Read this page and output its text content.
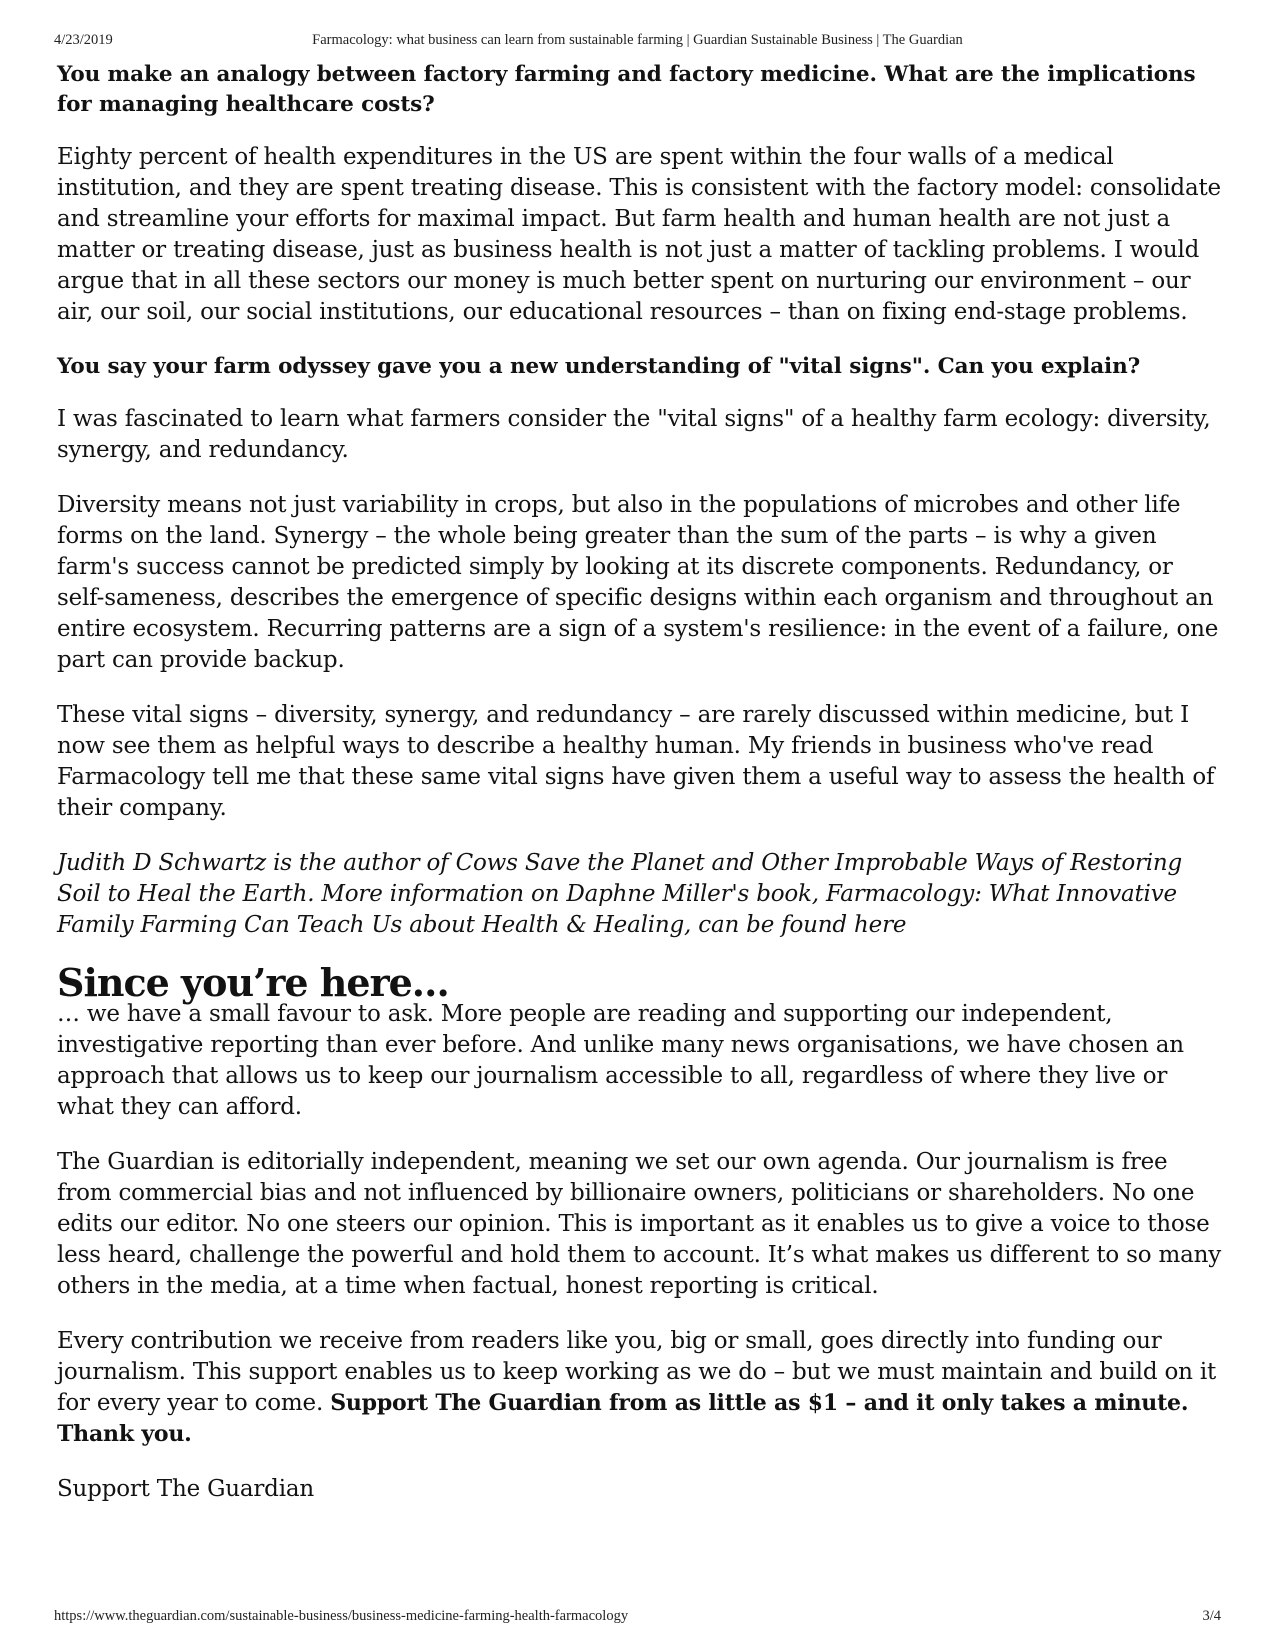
4/23/2019	Farmacology: what business can learn from sustainable farming | Guardian Sustainable Business | The Guardian
You make an analogy between factory farming and factory medicine. What are the implications for managing healthcare costs?
Eighty percent of health expenditures in the US are spent within the four walls of a medical institution, and they are spent treating disease. This is consistent with the factory model: consolidate and streamline your efforts for maximal impact. But farm health and human health are not just a matter or treating disease, just as business health is not just a matter of tackling problems. I would argue that in all these sectors our money is much better spent on nurturing our environment – our air, our soil, our social institutions, our educational resources – than on fixing end-stage problems.
You say your farm odyssey gave you a new understanding of "vital signs". Can you explain?
I was fascinated to learn what farmers consider the "vital signs" of a healthy farm ecology: diversity, synergy, and redundancy.
Diversity means not just variability in crops, but also in the populations of microbes and other life forms on the land. Synergy – the whole being greater than the sum of the parts – is why a given farm's success cannot be predicted simply by looking at its discrete components. Redundancy, or self-sameness, describes the emergence of specific designs within each organism and throughout an entire ecosystem. Recurring patterns are a sign of a system's resilience: in the event of a failure, one part can provide backup.
These vital signs – diversity, synergy, and redundancy – are rarely discussed within medicine, but I now see them as helpful ways to describe a healthy human. My friends in business who've read Farmacology tell me that these same vital signs have given them a useful way to assess the health of their company.
Judith D Schwartz is the author of Cows Save the Planet and Other Improbable Ways of Restoring Soil to Heal the Earth. More information on Daphne Miller's book, Farmacology: What Innovative Family Farming Can Teach Us about Health & Healing, can be found here
Since you’re here…
… we have a small favour to ask. More people are reading and supporting our independent, investigative reporting than ever before. And unlike many news organisations, we have chosen an approach that allows us to keep our journalism accessible to all, regardless of where they live or what they can afford.
The Guardian is editorially independent, meaning we set our own agenda. Our journalism is free from commercial bias and not influenced by billionaire owners, politicians or shareholders. No one edits our editor. No one steers our opinion. This is important as it enables us to give a voice to those less heard, challenge the powerful and hold them to account. It’s what makes us different to so many others in the media, at a time when factual, honest reporting is critical.
Every contribution we receive from readers like you, big or small, goes directly into funding our journalism. This support enables us to keep working as we do – but we must maintain and build on it for every year to come. Support The Guardian from as little as $1 – and it only takes a minute. Thank you.
Support The Guardian
https://www.theguardian.com/sustainable-business/business-medicine-farming-health-farmacology	3/4
